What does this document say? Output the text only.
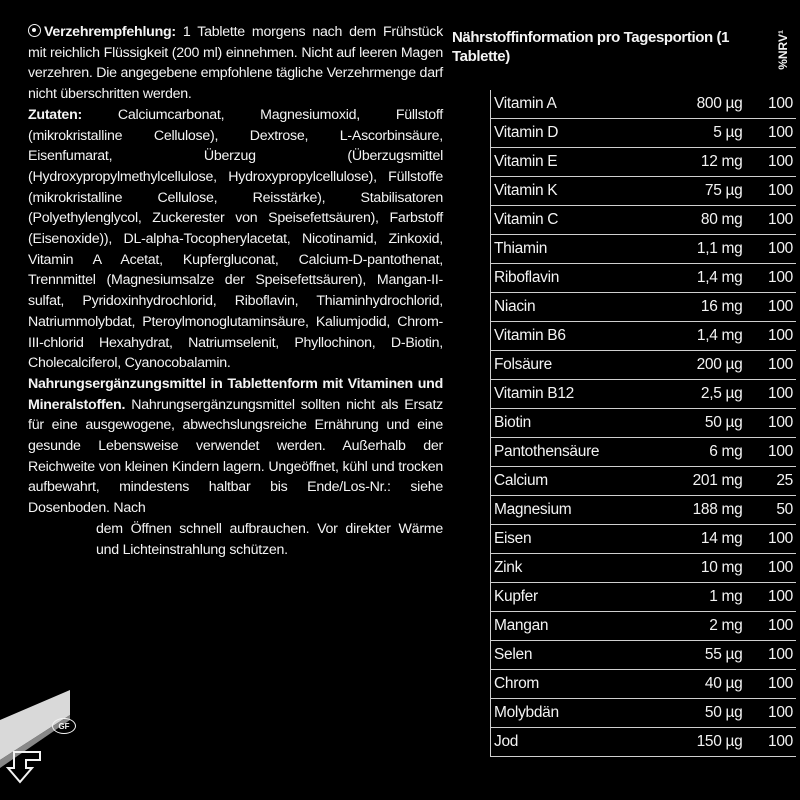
Verzehrempfehlung: 1 Tablette morgens nach dem Frühstück mit reichlich Flüssigkeit (200 ml) einnehmen. Nicht auf leeren Magen verzehren. Die angegebene empfohlene tägliche Verzehrmenge darf nicht überschritten werden.

Zutaten:	Calciumcarbonat, Magnesiumoxid, Füllstoff (mikrokristalline Cellulose), Dextrose, L-Ascorbinsäure, Eisenfumarat, Überzug (Überzugsmittel (Hydroxypropylmethylcellulose, Hydroxypropylcellulose), Füllstoffe (mikrokristalline Cellulose, Reisstärke), Stabilisatoren (Polyethylenglycol, Zuckerester von Speisefettsäuren), Farbstoff (Eisenoxide)), DL-alpha-Tocopherylacetat, Nicotinamid, Zinkoxid, Vitamin A Acetat, Kupfergluconat, Calcium-D-pantothenat, Trennmittel (Magnesiumsalze der Speisefettsäuren), Mangan-II-sulfat, Pyridoxinhydrochlorid, Riboflavin, Thiaminhydrochlorid, Natriummolybdat, Pteroylmonoglutaminsäure, Kaliumjodid, Chrom-III-chlorid Hexahydrat, Natriumselenit, Phyllochinon, D-Biotin, Cholecalciferol, Cyanocobalamin.

Nahrungsergänzungsmittel in Tablettenform mit Vitaminen und Mineralstoffen. Nahrungsergänzungsmittel sollten nicht als Ersatz für eine ausgewogene, abwechslungsreiche Ernährung und eine gesunde Lebensweise verwendet werden. Außerhalb der Reichweite von kleinen Kindern lagern. Ungeöffnet, kühl und trocken aufbewahrt, mindestens haltbar bis Ende/Los-Nr.: siehe Dosenboden. Nach
dem Öffnen schnell aufbrauchen. Vor direkter Wärme und Lichteinstrahlung schützen.

Nährstoffinformation pro Tagesportion (1 Tablette)	%NRV¹
Vitamin A	800 µg	100
Vitamin D	5 µg	100
Vitamin E	12 mg	100
Vitamin K	75 µg	100
Vitamin C	80 mg	100
Thiamin	1,1 mg	100
Riboflavin	1,4 mg	100
Niacin	16 mg	100
Vitamin B6	1,4 mg	100
Folsäure	200 µg	100
Vitamin B12	2,5 µg	100
Biotin	50 µg	100
Pantothensäure	6 mg	100
Calcium	201 mg	25
Magnesium	188 mg	50
Eisen	14 mg	100
Zink	10 mg	100
Kupfer	1 mg	100
Mangan	2 mg	100
Selen	55 µg	100
Chrom	40 µg	100
Molybdän	50 µg	100
Jod	150 µg	100
GF
